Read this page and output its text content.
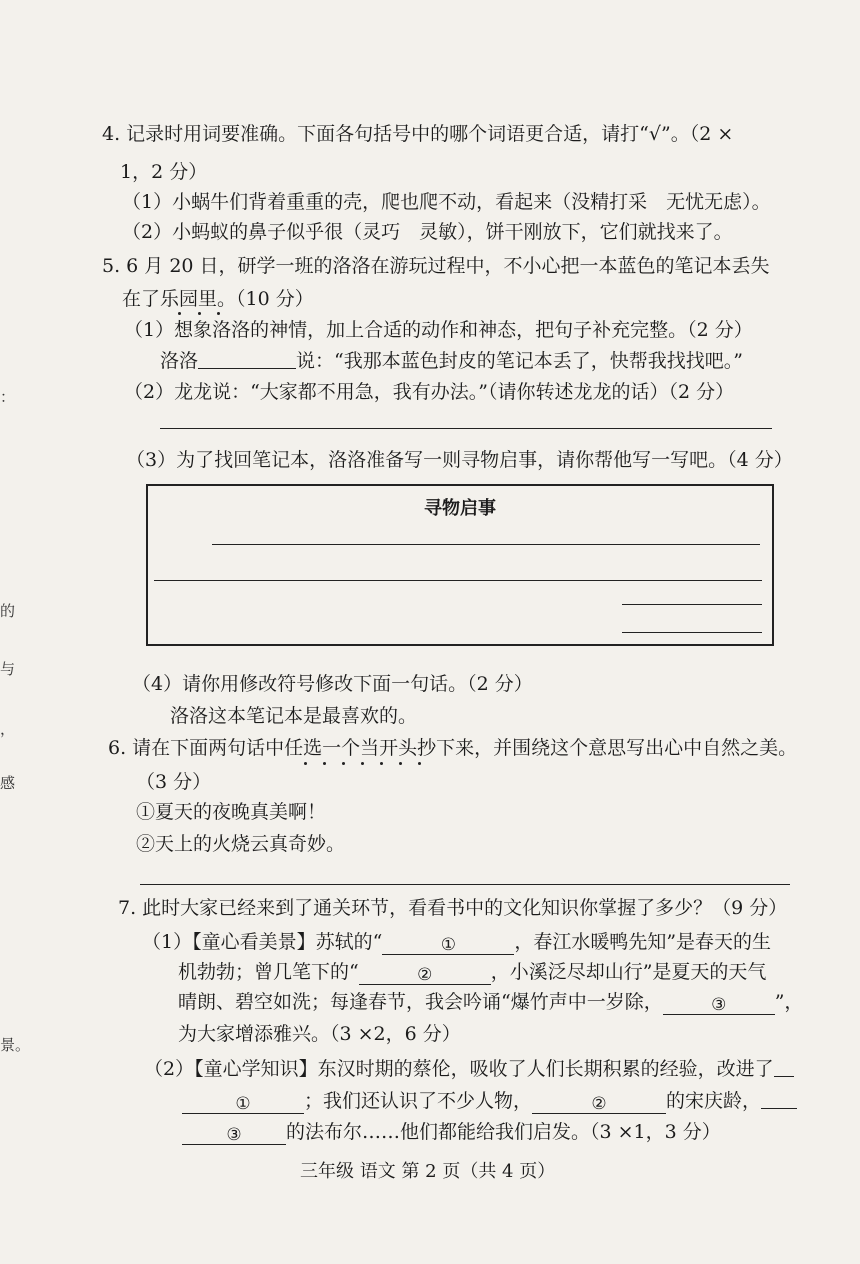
：
的
与
，
感
景。
4. 记录时用词要准确。下面各句括号中的哪个词语更合适，请打“√”。（2 ×
1，2 分）
（1）小蜗牛们背着重重的壳，爬也爬不动，看起来（没精打采　无忧无虑）。
（2）小蚂蚁的鼻子似乎很（灵巧　灵敏），饼干刚放下，它们就找来了。
5. 6 月 20 日，研学一班的洛洛在游玩过程中，不小心把一本蓝色的笔记本丢失
在了乐园里。（10 分）
（1）想象洛洛的神情，加上合适的动作和神态，把句子补充完整。（2 分）
洛洛	说：“我那本蓝色封皮的笔记本丢了，快帮我找找吧。”
（2）龙龙说：“大家都不用急，我有办法。”（请你转述龙龙的话）（2 分）
（3）为了找回笔记本，洛洛准备写一则寻物启事，请你帮他写一写吧。（4 分）
寻物启事
（4）请你用修改符号修改下面一句话。（2 分）
洛洛这本笔记本是最喜欢的。
6. 请在下面两句话中任选一个当开头抄下来，并围绕这个意思写出心中自然之美。
（3 分）
①夏天的夜晚真美啊！
②天上的火烧云真奇妙。
7. 此时大家已经来到了通关环节，看看书中的文化知识你掌握了多少？（9 分）
（1）【童心看美景】苏轼的“	①	，春江水暖鸭先知”是春天的生
机勃勃；曾几笔下的“	②	，小溪泛尽却山行”是夏天的天气
晴朗、碧空如洗；每逢春节，我会吟诵“爆竹声中一岁除，	③	”，
为大家增添雅兴。（3 ×2，6 分）
（2）【童心学知识】东汉时期的蔡伦，吸收了人们长期积累的经验，改进了
①	；我们还认识了不少人物，	②	的宋庆龄，
③ 的法布尔……他们都能给我们启发。（3 ×1，3 分）
三年级 语文 第 2 页（共 4 页）
